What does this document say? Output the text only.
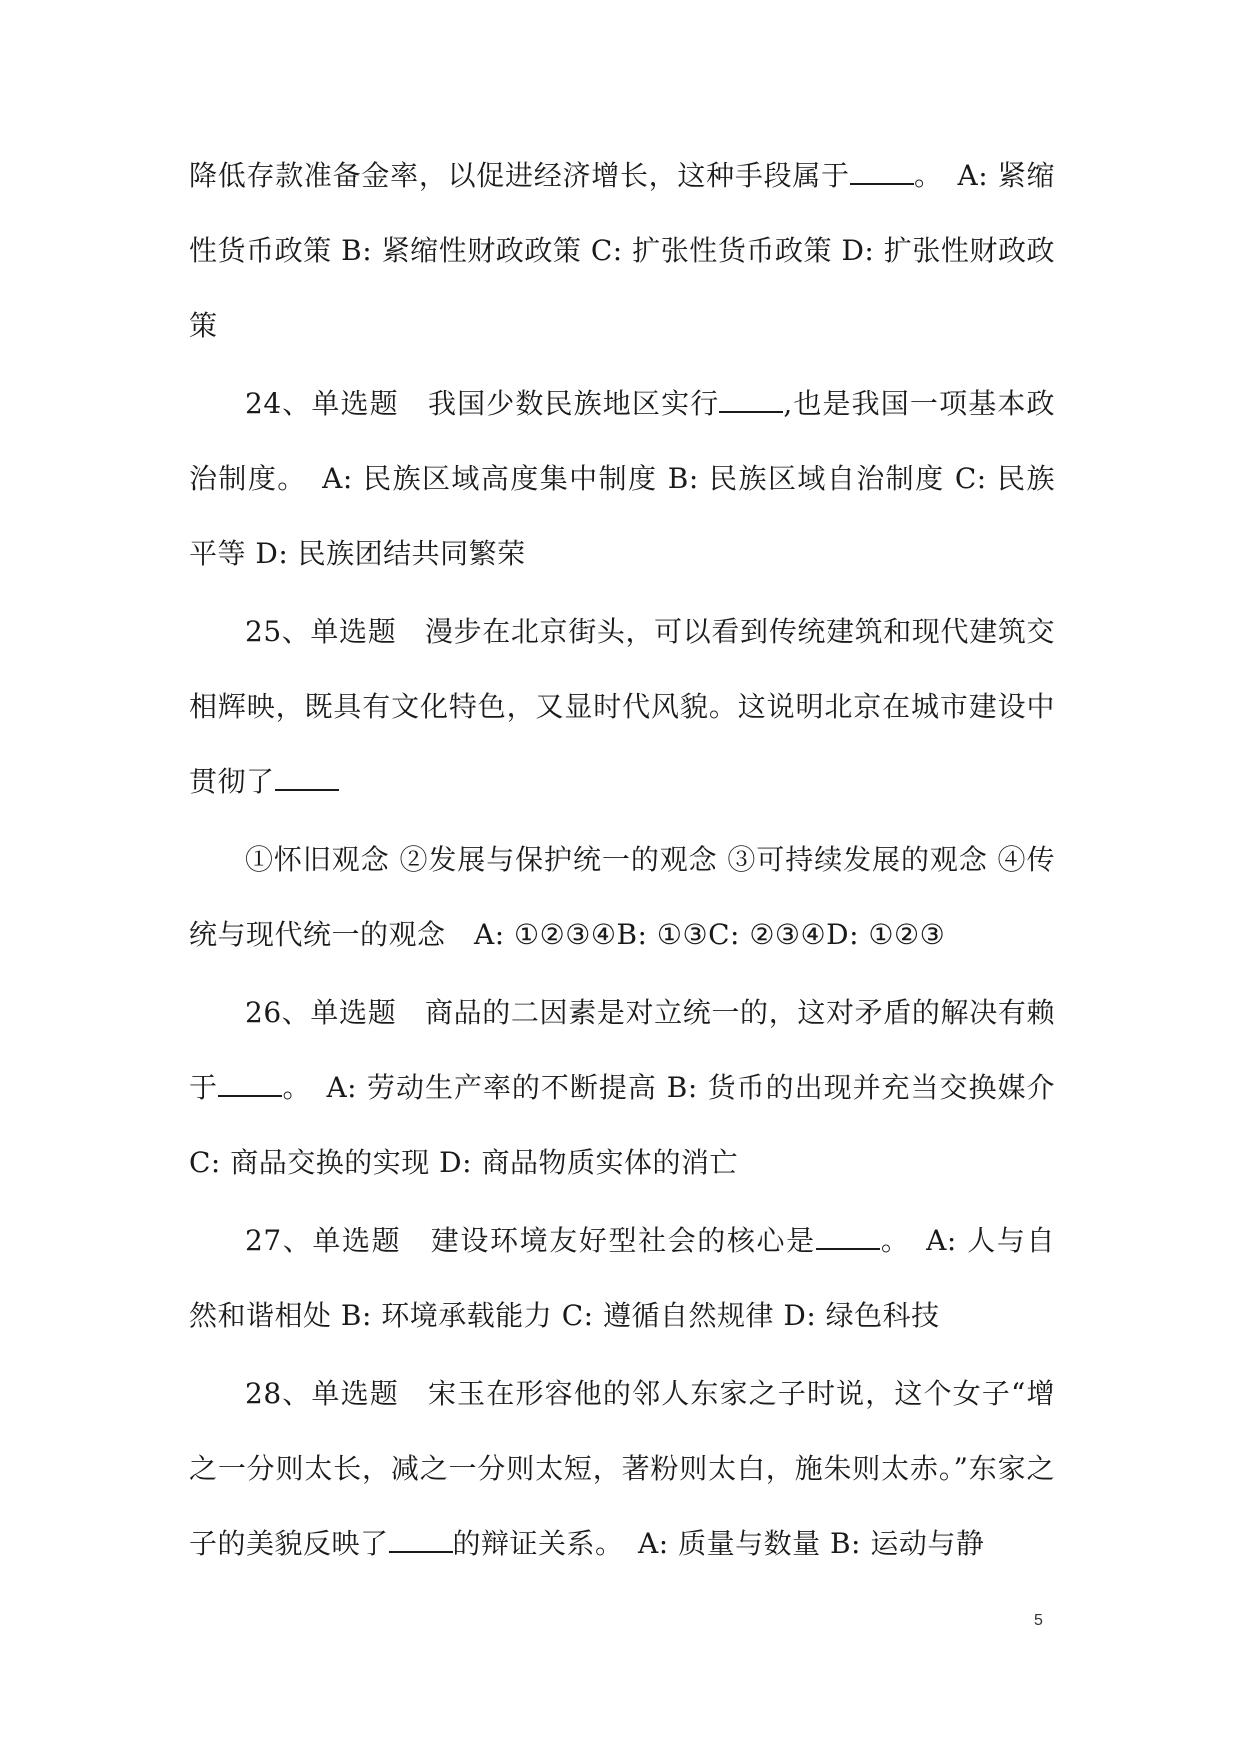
降低存款准备金率，以促进经济增长，这种手段属于 。　A: 紧缩性货币政策 B: 紧缩性财政政策 C: 扩张性货币政策 D: 扩张性财政政策

24、单选题　我国少数民族地区实行 ,也是我国一项基本政治制度。　A: 民族区域高度集中制度 B: 民族区域自治制度 C: 民族平等 D: 民族团结共同繁荣

25、单选题　漫步在北京街头，可以看到传统建筑和现代建筑交相辉映，既具有文化特色，又显时代风貌。这说明北京在城市建设中贯彻了

①怀旧观念 ②发展与保护统一的观念 ③可持续发展的观念 ④传统与现代统一的观念　A: ①②③④B: ①③C: ②③④D: ①②③

26、单选题　商品的二因素是对立统一的，这对矛盾的解决有赖于 。　A: 劳动生产率的不断提高 B: 货币的出现并充当交换媒介 C: 商品交换的实现 D: 商品物质实体的消亡

27、单选题　建设环境友好型社会的核心是 。　A: 人与自然和谐相处 B: 环境承载能力 C: 遵循自然规律 D: 绿色科技

28、单选题　宋玉在形容他的邻人东家之子时说，这个女子“增之一分则太长，减之一分则太短，著粉则太白，施朱则太赤。”东家之子的美貌反映了 的辩证关系。　A: 质量与数量 B: 运动与静

5
